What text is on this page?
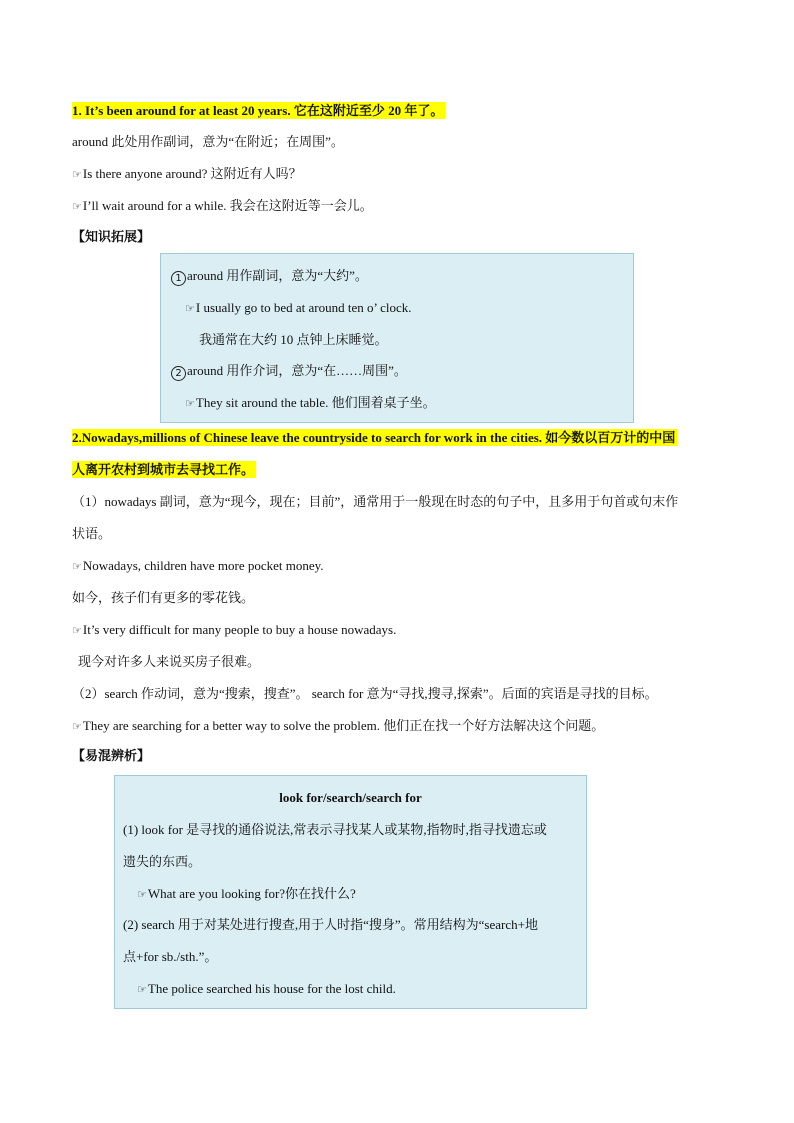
1. It’s been around for at least 20 years. 它在这附近至少 20 年了。
around 此处用作副词，意为“在附近；在周围”。
☞Is there anyone around? 这附近有人吗？
☞I’ll wait around for a while. 我会在这附近等一会儿。
【知识拓展】
1 around 用作副词，意为“大约”。
☞I usually go to bed at around ten o’ clock.
我通常在大约 10 点钟上床睡觉。
2 around 用作介词，意为“在……周围”。
☞They sit around the table. 他们围着桌子坐。
2.Nowadays,millions of Chinese leave the countryside to search for work in the cities. 如今数以百万计的中国
人离开农村到城市去寻找工作。
（1）nowadays 副词，意为“现今，现在；目前”，通常用于一般现在时态的句子中，且多用于句首或句末作
状语。
☞Nowadays, children have more pocket money.
如今，孩子们有更多的零花钱。
☞It’s very difficult for many people to buy a house nowadays.
现今对许多人来说买房子很难。
（2）search 作动词，意为“搜索，搜查”。 search for 意为“寻找,搜寻,探索”。后面的宾语是寻找的目标。
☞They are searching for a better way to solve the problem. 他们正在找一个好方法解决这个问题。
【易混辨析】
look for/search/search for
(1) look for 是寻找的通俗说法,常表示寻找某人或某物,指物时,指寻找遗忘或
遗失的东西。
☞What are you looking for?你在找什么?
(2) search 用于对某处进行搜查,用于人时指“搜身”。常用结构为“search+地
点+for sb./sth.”。
☞The police searched his house for the lost child.
